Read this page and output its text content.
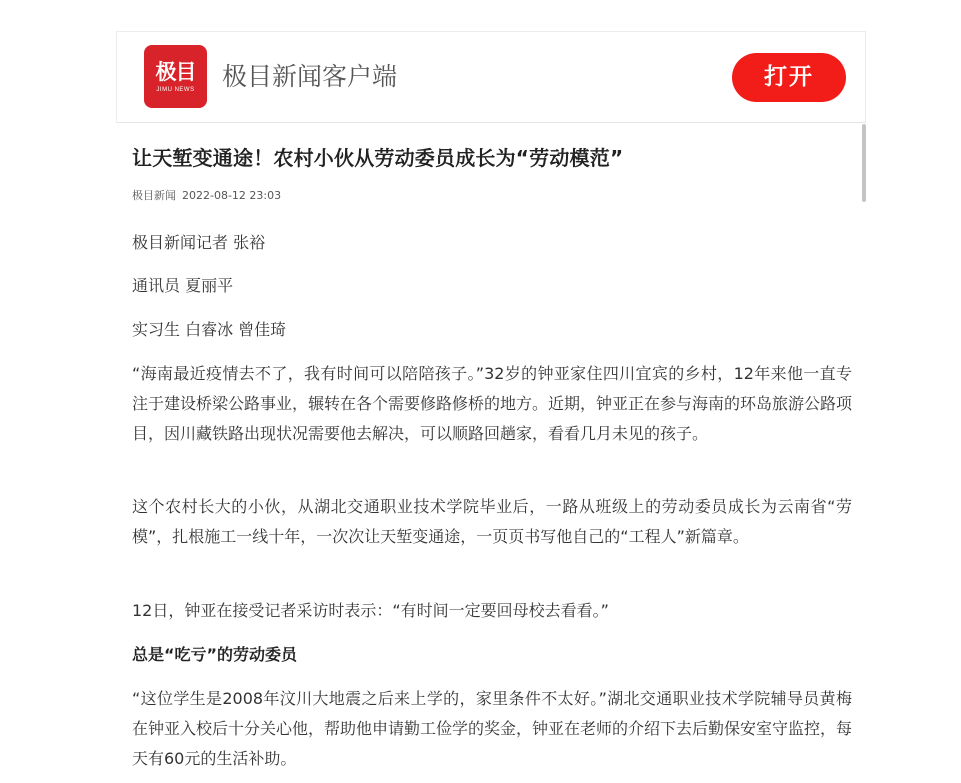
极目
JIMU NEWS 极目新闻客户端	打开
让天堑变通途！农村小伙从劳动委员成长为“劳动模范”
极目新闻 2022-08-12 23:03

极目新闻记者 张裕

通讯员 夏丽平

实习生 白睿冰 曾佳琦

“海南最近疫情去不了，我有时间可以陪陪孩子。”32岁的钟亚家住四川宜宾的乡村，12年来他一直专注于建设桥梁公路事业，辗转在各个需要修路修桥的地方。近期，钟亚正在参与海南的环岛旅游公路项目，因川藏铁路出现状况需要他去解决，可以顺路回趟家，看看几月未见的孩子。

这个农村长大的小伙，从湖北交通职业技术学院毕业后，一路从班级上的劳动委员成长为云南省“劳模”，扎根施工一线十年，一次次让天堑变通途，一页页书写他自己的“工程人”新篇章。

12日，钟亚在接受记者采访时表示：“有时间一定要回母校去看看。”

总是“吃亏”的劳动委员

“这位学生是2008年汶川大地震之后来上学的，家里条件不太好。”湖北交通职业技术学院辅导员黄梅在钟亚入校后十分关心他，帮助他申请勤工俭学的奖金，钟亚在老师的介绍下去后勤保安室守监控，每天有60元的生活补助。
